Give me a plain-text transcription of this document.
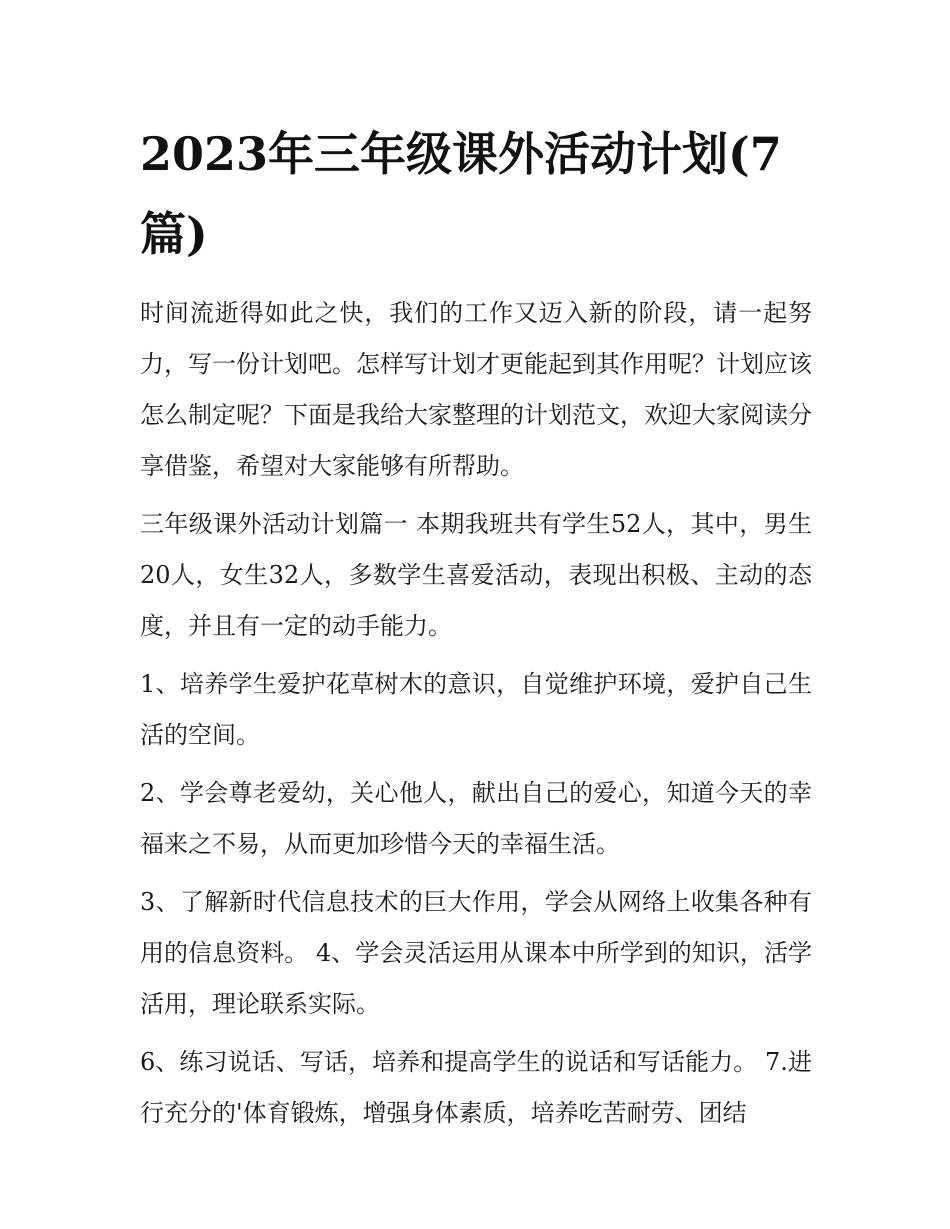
2023年三年级课外活动计划(7篇)

时间流逝得如此之快，我们的工作又迈入新的阶段，请一起努力，写一份计划吧。怎样写计划才更能起到其作用呢？计划应该怎么制定呢？下面是我给大家整理的计划范文，欢迎大家阅读分享借鉴，希望对大家能够有所帮助。

三年级课外活动计划篇一 本期我班共有学生52人，其中，男生20人，女生32人，多数学生喜爱活动，表现出积极、主动的态度，并且有一定的动手能力。

1、培养学生爱护花草树木的意识，自觉维护环境，爱护自己生活的空间。

2、学会尊老爱幼，关心他人，献出自己的爱心，知道今天的幸福来之不易，从而更加珍惜今天的幸福生活。

3、了解新时代信息技术的巨大作用，学会从网络上收集各种有用的信息资料。 4、学会灵活运用从课本中所学到的知识，活学活用，理论联系实际。

6、练习说话、写话，培养和提高学生的说话和写话能力。 7.进行充分的'体育锻炼，增强身体素质，培养吃苦耐劳、团结
